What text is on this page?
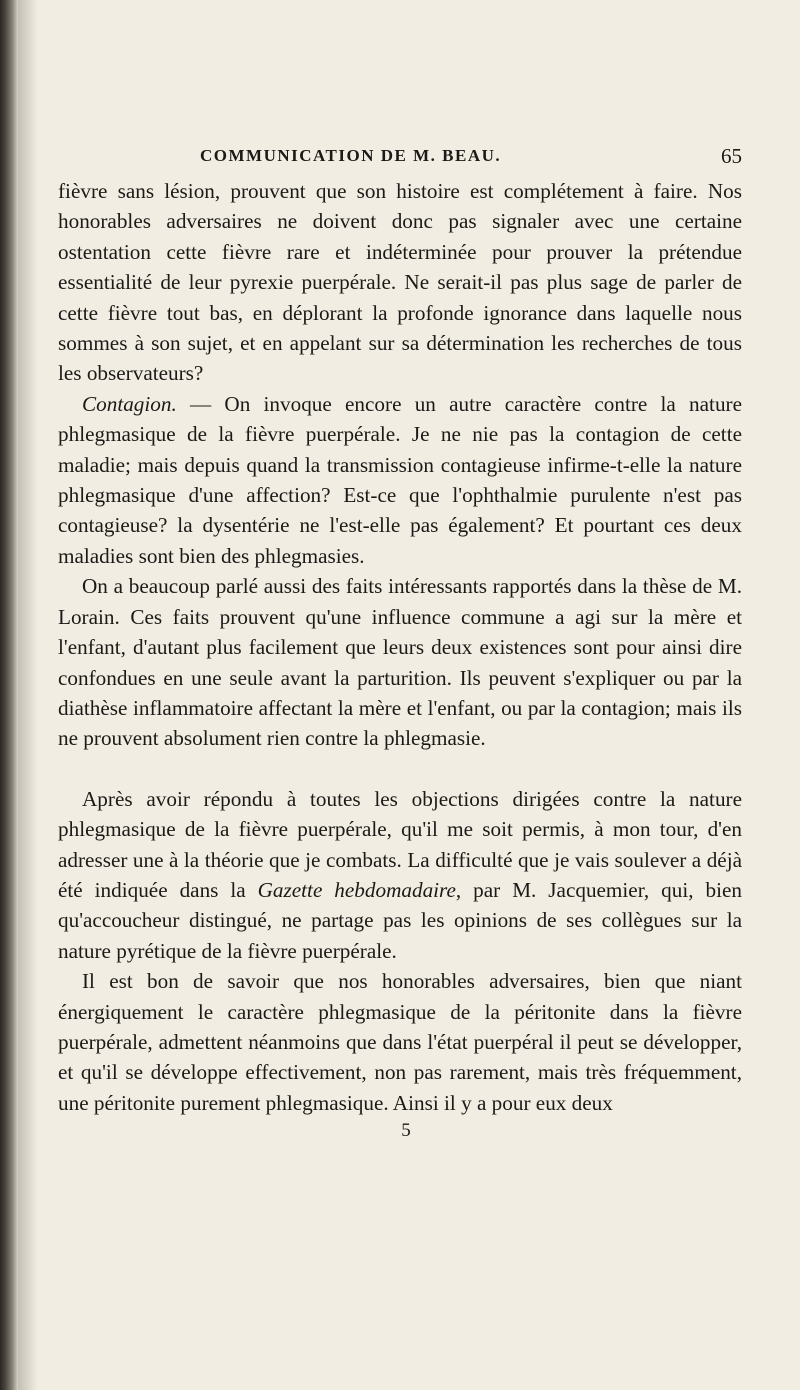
COMMUNICATION DE M. BEAU.	65

fièvre sans lésion, prouvent que son histoire est complétement à faire. Nos honorables adversaires ne doivent donc pas signaler avec une certaine ostentation cette fièvre rare et indéterminée pour prouver la prétendue essentialité de leur pyrexie puerpérale. Ne serait-il pas plus sage de parler de cette fièvre tout bas, en déplorant la profonde ignorance dans laquelle nous sommes à son sujet, et en appelant sur sa détermination les recherches de tous les observateurs?

Contagion. — On invoque encore un autre caractère contre la nature phlegmasique de la fièvre puerpérale. Je ne nie pas la contagion de cette maladie; mais depuis quand la transmission contagieuse infirme-t-elle la nature phlegmasique d'une affection? Est-ce que l'ophthalmie purulente n'est pas contagieuse? la dysentérie ne l'est-elle pas également? Et pourtant ces deux maladies sont bien des phlegmasies.

On a beaucoup parlé aussi des faits intéressants rapportés dans la thèse de M. Lorain. Ces faits prouvent qu'une influence commune a agi sur la mère et l'enfant, d'autant plus facilement que leurs deux existences sont pour ainsi dire confondues en une seule avant la parturition. Ils peuvent s'expliquer ou par la diathèse inflammatoire affectant la mère et l'enfant, ou par la contagion; mais ils ne prouvent absolument rien contre la phlegmasie.

Après avoir répondu à toutes les objections dirigées contre la nature phlegmasique de la fièvre puerpérale, qu'il me soit permis, à mon tour, d'en adresser une à la théorie que je combats. La difficulté que je vais soulever a déjà été indiquée dans la Gazette hebdomadaire, par M. Jacquemier, qui, bien qu'accoucheur distingué, ne partage pas les opinions de ses collègues sur la nature pyrétique de la fièvre puerpérale.

Il est bon de savoir que nos honorables adversaires, bien que niant énergiquement le caractère phlegmasique de la péritonite dans la fièvre puerpérale, admettent néanmoins que dans l'état puerpéral il peut se développer, et qu'il se développe effectivement, non pas rarement, mais très fréquemment, une péritonite purement phlegmasique. Ainsi il y a pour eux deux

5
